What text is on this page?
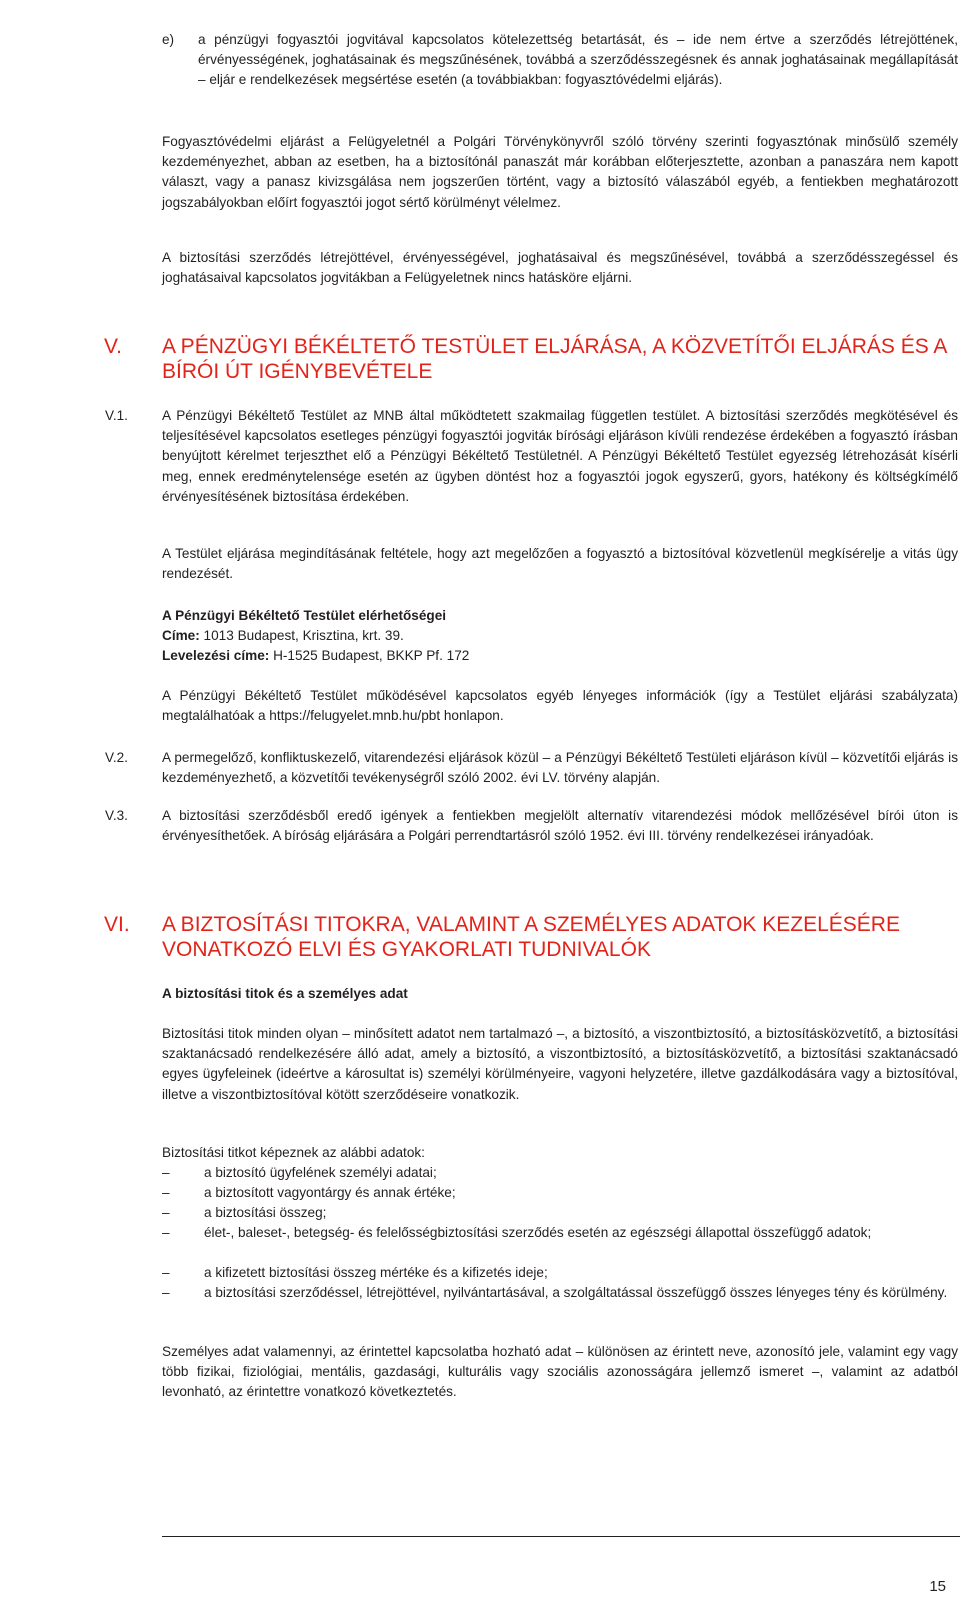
e) a pénzügyi fogyasztói jogvitával kapcsolatos kötelezettség betartását, és – ide nem értve a szerződés létrejöttének, érvényességének, joghatásainak és megszűnésének, továbbá a szerződésszegésnek és annak joghatásainak megállapítását – eljár e rendelkezések megsértése esetén (a továbbiakban: fogyasztóvédelmi eljárás).

Fogyasztóvédelmi eljárást a Felügyeletnél a Polgári Törvénykönyvről szóló törvény szerinti fogyasztónak minősülő személy kezdeményezhet, abban az esetben, ha a biztosítónál panaszát már korábban előterjesztette, azonban a panaszára nem kapott választ, vagy a panasz kivizsgálása nem jogszerűen történt, vagy a biztosító válaszából egyéb, a fentiekben meghatározott jogszabályokban előírt fogyasztói jogot sértő körülményt vélelmez.

A biztosítási szerződés létrejöttével, érvényességével, joghatásaival és megszűnésével, továbbá a szerződésszegéssel és joghatásaival kapcsolatos jogvitákban a Felügyeletnek nincs hatásköre eljárni.

V. A PÉNZÜGYI BÉKÉLTETŐ TESTÜLET ELJÁRÁSA, A KÖZVETÍTŐI ELJÁRÁS ÉS A BÍRÓI ÚT IGÉNYBEVÉTELE
V.1.	A Pénzügyi Békéltető Testület az MNB által működtetett szakmailag független testület. A biztosítási szerződés megkötésével és teljesítésével kapcsolatos esetleges pénzügyi fogyasztói jogvitáк bírósági eljáráson kívüli rendezése érdekében a fogyasztó írásban benyújtott kérelmet terjeszthet elő a Pénzügyi Békéltető Testületnél. A Pénzügyi Békéltető Testület egyezség létrehozását kísérli meg, ennek eredménytelensége esetén az ügyben döntést hoz a fogyasztói jogok egyszerű, gyors, hatékony és költségkímélő érvényesítésének biztosítása érdekében.

A Testület eljárása megindításának feltétele, hogy azt megelőzően a fogyasztó a biztosítóval közvetlenül megkísérelje a vitás ügy rendezését.

A Pénzügyi Békéltető Testület elérhetőségei
Címe: 1013 Budapest, Krisztina, krt. 39.
Levelezési címe: H-1525 Budapest, BKKP Pf. 172

A Pénzügyi Békéltető Testület működésével kapcsolatos egyéb lényeges információk (így a Testület eljárási szabályzata) megtalálhatóak a https://felugyelet.mnb.hu/pbt honlapon.

V.2.	A permegelőző, konfliktuskezelő, vitarendezési eljárások közül – a Pénzügyi Békéltető Testületi eljáráson kívül – közvetítői eljárás is kezdeményezhető, a közvetítői tevékenységről szóló 2002. évi LV. törvény alapján.

V.3.	A biztosítási szerződésből eredő igények a fentiekben megjelölt alternatív vitarendezési módok mellőzésével bírói úton is érvényesíthetőek. A bíróság eljárására a Polgári perrendtartásról szóló 1952. évi III. törvény rendelkezései irányadóak.

VI. A BIZTOSÍTÁSI TITOKRA, VALAMINT A SZEMÉLYES ADATOK KEZELÉSÉRE VONATKOZÓ ELVI ÉS GYAKORLATI TUDNIVALÓK
A biztosítási titok és a személyes adat

Biztosítási titok minden olyan – minősített adatot nem tartalmazó –, a biztosító, a viszontbiztosító, a biztosításközvetítő, a biztosítási szaktanácsadó rendelkezésére álló adat, amely a biztosító, a viszontbiztosító, a biztosításközvetítő, a biztosítási szaktanácsadó egyes ügyfeleinek (ideértve a károsultat is) személyi körülményeire, vagyoni helyzetére, illetve gazdálkodására vagy a biztosítóval, illetve a viszontbiztosítóval kötött szerződéseire vonatkozik.

Biztosítási titkot képeznek az alábbi adatok:

–	a biztosító ügyfelének személyi adatai;
–	a biztosított vagyontárgy és annak értéke;
–	a biztosítási összeg;
–	élet-, baleset-, betegség- és felelősségbiztosítási szerződés esetén az egészségi állapottal összefüggő adatok;
–	a kifizetett biztosítási összeg mértéke és a kifizetés ideje;
–	a biztosítási szerződéssel, létrejöttével, nyilvántartásával, a szolgáltatással összefüggő összes lényeges tény és körülmény.

Személyes adat valamennyi, az érintettel kapcsolatba hozható adat – különösen az érintett neve, azonosító jele, valamint egy vagy több fizikai, fiziológiai, mentális, gazdasági, kulturális vagy szociális azonosságára jellemző ismeret –, valamint az adatból levonható, az érintettre vonatkozó következtetés.

15
